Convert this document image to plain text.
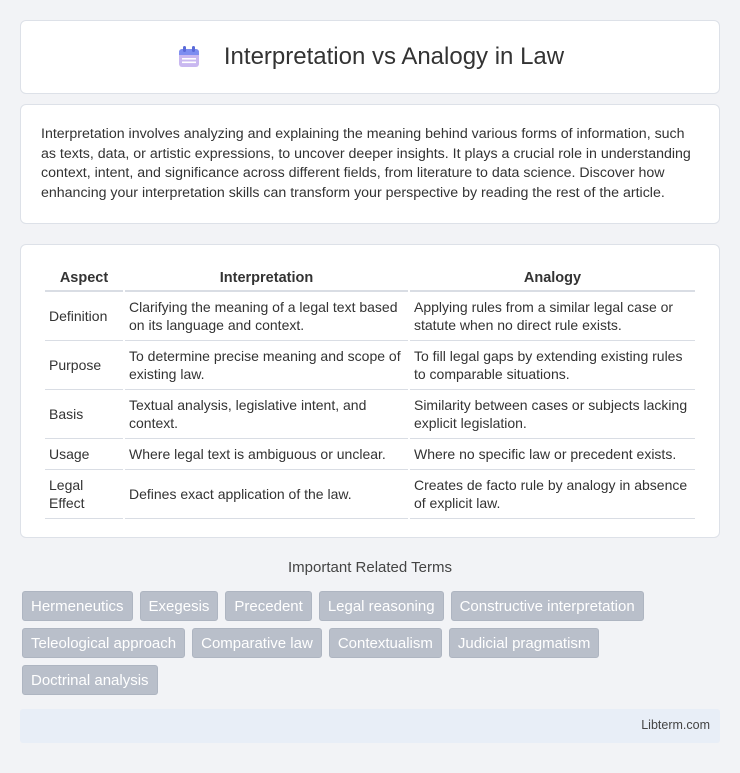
Interpretation vs Analogy in Law

Interpretation involves analyzing and explaining the meaning behind various forms of information, such as texts, data, or artistic expressions, to uncover deeper insights. It plays a crucial role in understanding context, intent, and significance across different fields, from literature to data science. Discover how enhancing your interpretation skills can transform your perspective by reading the rest of the article.

Aspect	Interpretation	Analogy
Definition	Clarifying the meaning of a legal text based on its language and context.	Applying rules from a similar legal case or statute when no direct rule exists.
Purpose	To determine precise meaning and scope of existing law.	To fill legal gaps by extending existing rules to comparable situations.
Basis	Textual analysis, legislative intent, and context.	Similarity between cases or subjects lacking explicit legislation.
Usage	Where legal text is ambiguous or unclear.	Where no specific law or precedent exists.
Legal Effect	Defines exact application of the law.	Creates de facto rule by analogy in absence of explicit law.
Important Related Terms
Hermeneutics	Exegesis	Precedent	Legal reasoning	Constructive interpretation
Teleological approach	Comparative law	Contextualism	Judicial pragmatism
Doctrinal analysis
Libterm.com
